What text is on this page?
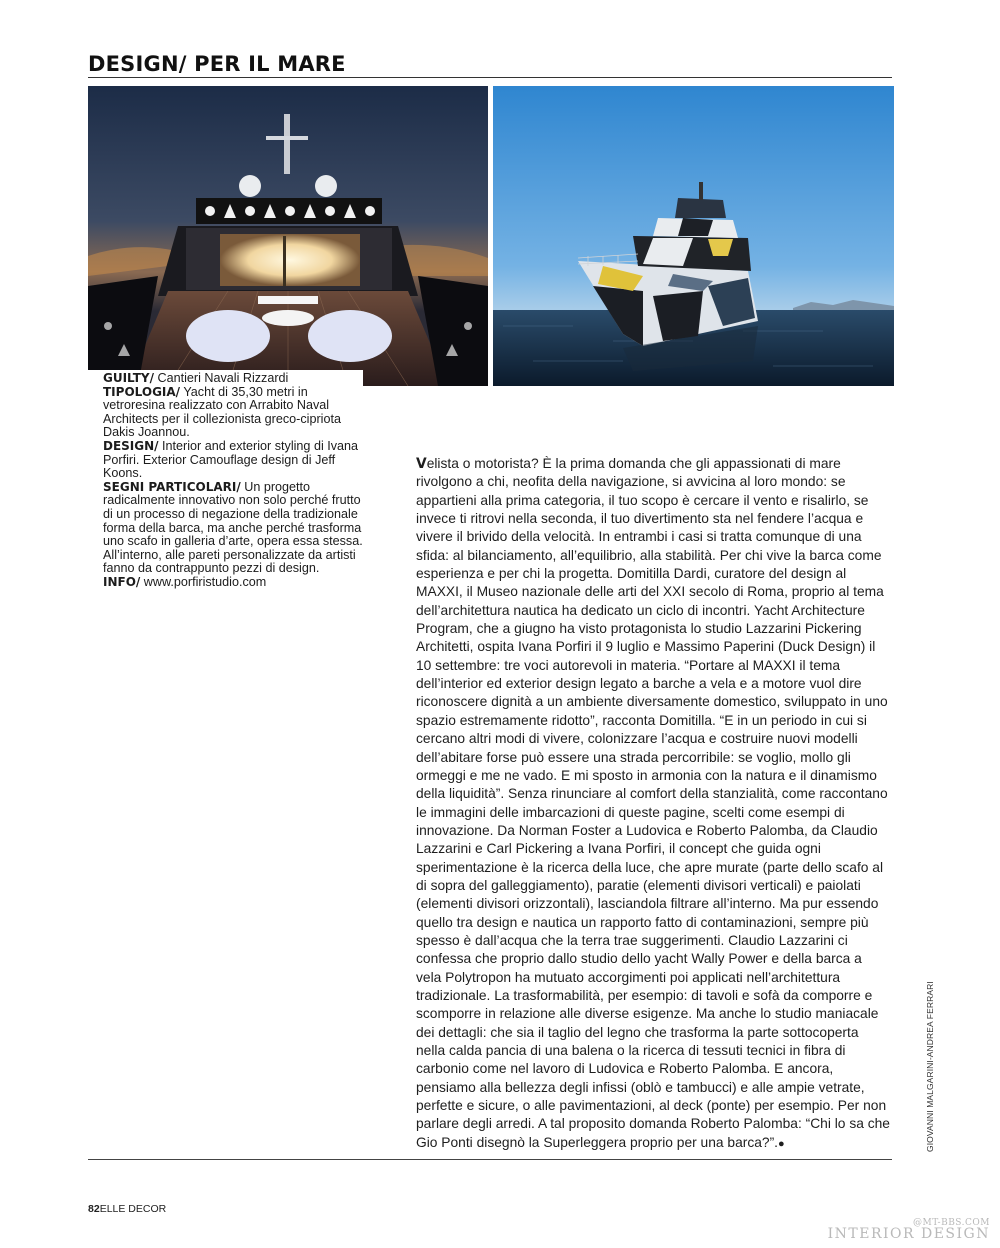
DESIGN/ PER IL MARE

GUILTY/ Cantieri Navali Rizzardi

TIPOLOGIA/ Yacht di 35,30 metri in vetroresina realizzato con Arrabito Naval Architects per il collezionista greco-cipriota Dakis Joannou.

DESIGN/ Interior and exterior styling di Ivana Porfiri. Exterior Camouflage design di Jeff Koons.

SEGNI PARTICOLARI/ Un progetto radicalmente innovativo non solo perché frutto di un processo di negazione della tradizionale forma della barca, ma anche perché trasforma uno scafo in galleria d’arte, opera essa stessa. All’interno, alle pareti personalizzate da artisti fanno da contrappunto pezzi di design.

INFO/ www.porfiristudio.com

Velista o motorista? È la prima domanda che gli appassionati di mare rivolgono a chi, neofita della navigazione, si avvicina al loro mondo: se appartieni alla prima categoria, il tuo scopo è cercare il vento e risalirlo, se invece ti ritrovi nella seconda, il tuo divertimento sta nel fendere l’acqua e vivere il brivido della velocità. In entrambi i casi si tratta comunque di una sfida: al bilanciamento, all’equilibrio, alla stabilità. Per chi vive la barca come esperienza e per chi la progetta. Domitilla Dardi, curatore del design al MAXXI, il Museo nazionale delle arti del XXI secolo di Roma, proprio al tema dell’architettura nautica ha dedicato un ciclo di incontri. Yacht Architecture Program, che a giugno ha visto protagonista lo studio Lazzarini Pickering Architetti, ospita Ivana Porfiri il 9 luglio e Massimo Paperini (Duck Design) il 10 settembre: tre voci autorevoli in materia. “Portare al MAXXI il tema dell’interior ed exterior design legato a barche a vela e a motore vuol dire riconoscere dignità a un ambiente diversamente domestico, sviluppato in uno spazio estremamente ridotto”, racconta Domitilla. “E in un periodo in cui si cercano altri modi di vivere, colonizzare l’acqua e costruire nuovi modelli dell’abitare forse può essere una strada percorribile: se voglio, mollo gli ormeggi e me ne vado. E mi sposto in armonia con la natura e il dinamismo della liquidità”. Senza rinunciare al comfort della stanzialità, come raccontano le immagini delle imbarcazioni di queste pagine, scelti come esempi di innovazione. Da Norman Foster a Ludovica e Roberto Palomba, da Claudio Lazzarini e Carl Pickering a Ivana Porfiri, il concept che guida ogni sperimentazione è la ricerca della luce, che apre murate (parte dello scafo al di sopra del galleggiamento), paratie (elementi divisori verticali) e paiolati (elementi divisori orizzontali), lasciandola filtrare all’interno. Ma pur essendo quello tra design e nautica un rapporto fatto di contaminazioni, sempre più spesso è dall’acqua che la terra trae suggerimenti. Claudio Lazzarini ci confessa che proprio dallo studio dello yacht Wally Power e della barca a vela Polytropon ha mutuato accorgimenti poi applicati nell’architettura tradizionale. La trasformabilità, per esempio: di tavoli e sofà da comporre e scomporre in relazione alle diverse esigenze. Ma anche lo studio maniacale dei dettagli: che sia il taglio del legno che trasforma la parte sottocoperta nella calda pancia di una balena o la ricerca di tessuti tecnici in fibra di carbonio come nel lavoro di Ludovica e Roberto Palomba. E ancora, pensiamo alla bellezza degli infissi (oblò e tambucci) e alle ampie vetrate, perfette e sicure, o alle pavimentazioni, al deck (ponte) per esempio. Per non parlare degli arredi. A tal proposito domanda Roberto Palomba: “Chi lo sa che Gio Ponti disegnò la Superleggera proprio per una barca?”.●	GIOVANNI MALGARINI-ANDREA FERRARI
82ELLE DECOR
@MT-BBS.COM
INTERIOR DESIGN
